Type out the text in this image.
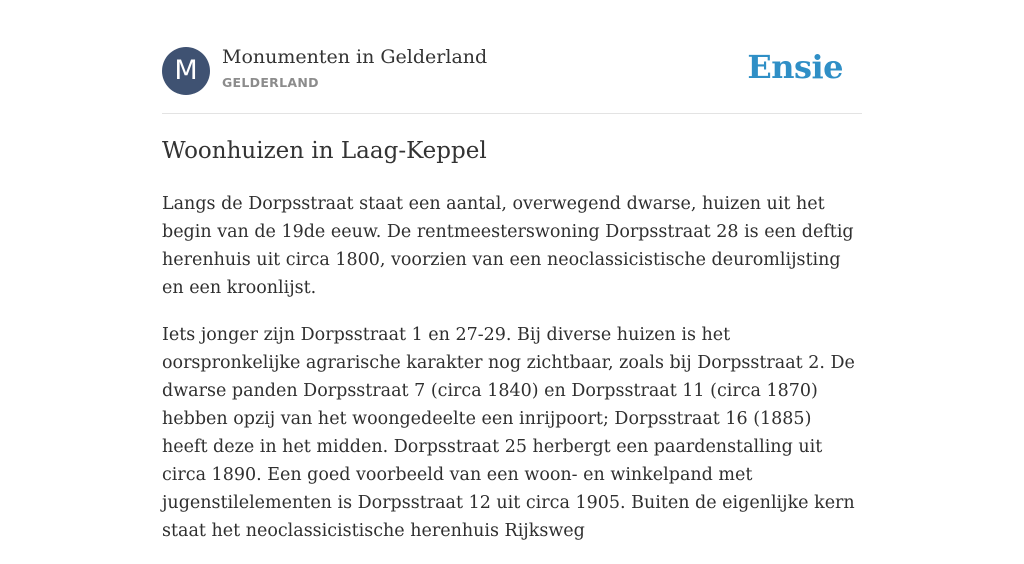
M	Monumenten in Gelderland
GELDERLAND	Ensie
Woonhuizen in Laag-Keppel

Langs de Dorpsstraat staat een aantal, overwegend dwarse, huizen uit het begin van de 19de eeuw. De rentmeesterswoning Dorpsstraat 28 is een deftig herenhuis uit circa 1800, voorzien van een neoclassicistische deuromlijsting en een kroonlijst.

Iets jonger zijn Dorpsstraat 1 en 27-29. Bij diverse huizen is het oorspronkelijke agrarische karakter nog zichtbaar, zoals bij Dorpsstraat 2. De dwarse panden Dorpsstraat 7 (circa 1840) en Dorpsstraat 11 (circa 1870) hebben opzij van het woongedeelte een inrijpoort; Dorpsstraat 16 (1885) heeft deze in het midden. Dorpsstraat 25 herbergt een paardenstalling uit circa 1890. Een goed voorbeeld van een woon- en winkelpand met jugenstilelementen is Dorpsstraat 12 uit circa 1905. Buiten de eigenlijke kern staat het neoclassicistische herenhuis Rijksweg
